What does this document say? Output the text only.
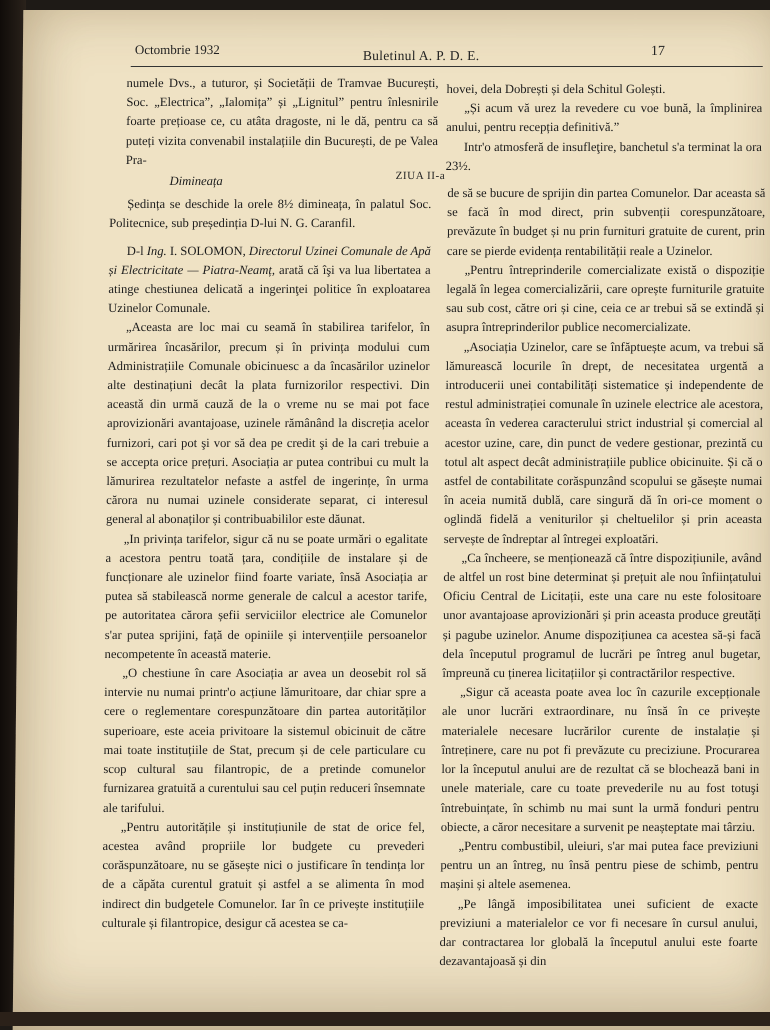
Octombrie 1932	Buletinul A. P. D. E.	17

numele Dvs., a tuturor, și Societății de Tramvae București, Soc. „Electrica”, „Ialomița” și „Lignitul” pentru înlesnirile foarte prețioase ce, cu atâta dragoste, ni le dă, pentru ca să puteți vizita convenabil instalațiile din București, de pe Valea Pra-

hovei, dela Dobrești și dela Schitul Golești.

„Și acum vă urez la revedere cu voe bună, la împlinirea anului, pentru recepția definitivă.”

Intr'o atmosferă de insufleţire, banchetul s'a terminat la ora 23½.

ZIUA II-a

Dimineața

Ședința se deschide la orele 8½ dimineața, în palatul Soc. Politecnice, sub președinția D-lui N. G. Caranfil.

D-l Ing. I. SOLOMON, Directorul Uzinei Comunale de Apă și Electricitate — Piatra-Neamț, arată că îşi va lua libertatea a atinge chestiunea delicată a ingerinţei politice în exploatarea Uzinelor Comunale.

„Aceasta are loc mai cu seamă în stabilirea tarifelor, în urmărirea încasărilor, precum și în privința modului cum Administrațiile Comunale obicinuesc a da încasărilor uzinelor alte destinațiuni decât la plata furnizorilor respectivi. Din aceastǎ din urmă cauză de la o vreme nu se mai pot face aprovizionări avantajoase, uzinele rămânând la discreția acelor furnizori, cari pot şi vor să dea pe credit şi de la cari trebuie a se accepta orice prețuri. Asociația ar putea contribui cu mult la lămurirea rezultatelor nefaste a astfel de ingerințe, în urma cărora nu numai uzinele considerate separat, ci interesul general al abonaților și contribuabililor este dăunat.

„In privința tarifelor, sigur că nu se poate urmări o egalitate a acestora pentru toată țara, condițiile de instalare și de funcționare ale uzinelor fiind foarte variate, însă Asociația ar putea să stabilească norme generale de calcul a acestor tarife, pe autoritatea cărora șefii serviciilor electrice ale Comunelor s'ar putea sprijini, față de opiniile și intervențiile persoanelor necompetente în această materie.

„O chestiune în care Asociația ar avea un deosebit rol să intervie nu numai printr'o acțiune lămuritoare, dar chiar spre a cere o reglementare corespunzătoare din partea autorităților superioare, este aceia privitoare la sistemul obicinuit de către mai toate instituțiile de Stat, precum și de cele particulare cu scop cultural sau filantropic, de a pretinde comunelor furnizarea gratuită a curentului sau cel puțin reduceri însemnate ale tarifului.

„Pentru autoritățile și instituțiunile de stat de orice fel, acestea având propriile lor budgete cu prevederi corăspunzătoare, nu se găsește nici o justificare în tendința lor de a căpăta curentul gratuit și astfel a se alimenta în mod indirect din budgetele Comunelor. Iar în ce privește instituțiile culturale și filantropice, desigur că acestea se ca-

de să se bucure de sprijin din partea Comunelor. Dar aceasta să se facă în mod direct, prin subvenții corespunzătoare, prevăzute în budget și nu prin furnituri gratuite de curent, prin care se pierde evidența rentabilității reale a Uzinelor.

„Pentru întreprinderile comercializate există o dispoziție legală în legea comercializării, care oprește furniturile gratuite sau sub cost, către ori și cine, ceia ce ar trebui să se extindă și asupra întreprinderilor publice necomercializate.

„Asociația Uzinelor, care se înfăptuește acum, va trebui să lămurească locurile în drept, de necesitatea urgentă a introducerii unei contabilități sistematice și independente de restul administrației comunale în uzinele electrice ale acestora, aceasta în vederea caracterului strict industrial și comercial al acestor uzine, care, din punct de vedere gestionar, prezintă cu totul alt aspect decât administrațiile publice obicinuite. Și că o astfel de contabilitate corăspunzând scopului se găsește numai în aceia numită dublă, care singură dă în ori-ce moment o oglindă fidelă a veniturilor și cheltuelilor și prin aceasta servește de îndreptar al întregei exploatări.

„Ca încheere, se menționează că între dispozițiunile, având de altfel un rost bine determinat și prețuit ale nou înființatului Oficiu Central de Licitații, este una care nu este folositoare unor avantajoase aprovizionări și prin aceasta produce greutăți și pagube uzinelor. Anume dispozițiunea ca acestea să-și facă dela începutul programul de lucrări pe întreg anul bugetar, împreună cu ținerea licitațiilor și contractărilor respective.

„Sigur că aceasta poate avea loc în cazurile excepționale ale unor lucrări extraordinare, nu însă în ce privește materialele necesare lucrărilor curente de instalație și întreținere, care nu pot fi prevăzute cu preciziune. Procurarea lor la începutul anului are de rezultat că se blochează bani in unele materiale, care cu toate prevederile nu au fost totuşi întrebuințate, în schimb nu mai sunt la urmă fonduri pentru obiecte, a căror necesitare a survenit pe neașteptate mai târziu.

„Pentru combustibil, uleiuri, s'ar mai putea face previziuni pentru un an întreg, nu însă pentru piese de schimb, pentru mașini și altele asemenea.

„Pe lângă imposibilitatea unei suficient de exacte previziuni a materialelor ce vor fi necesare în cursul anului, dar contractarea lor globală la începutul anului este foarte dezavantajoasă și din
